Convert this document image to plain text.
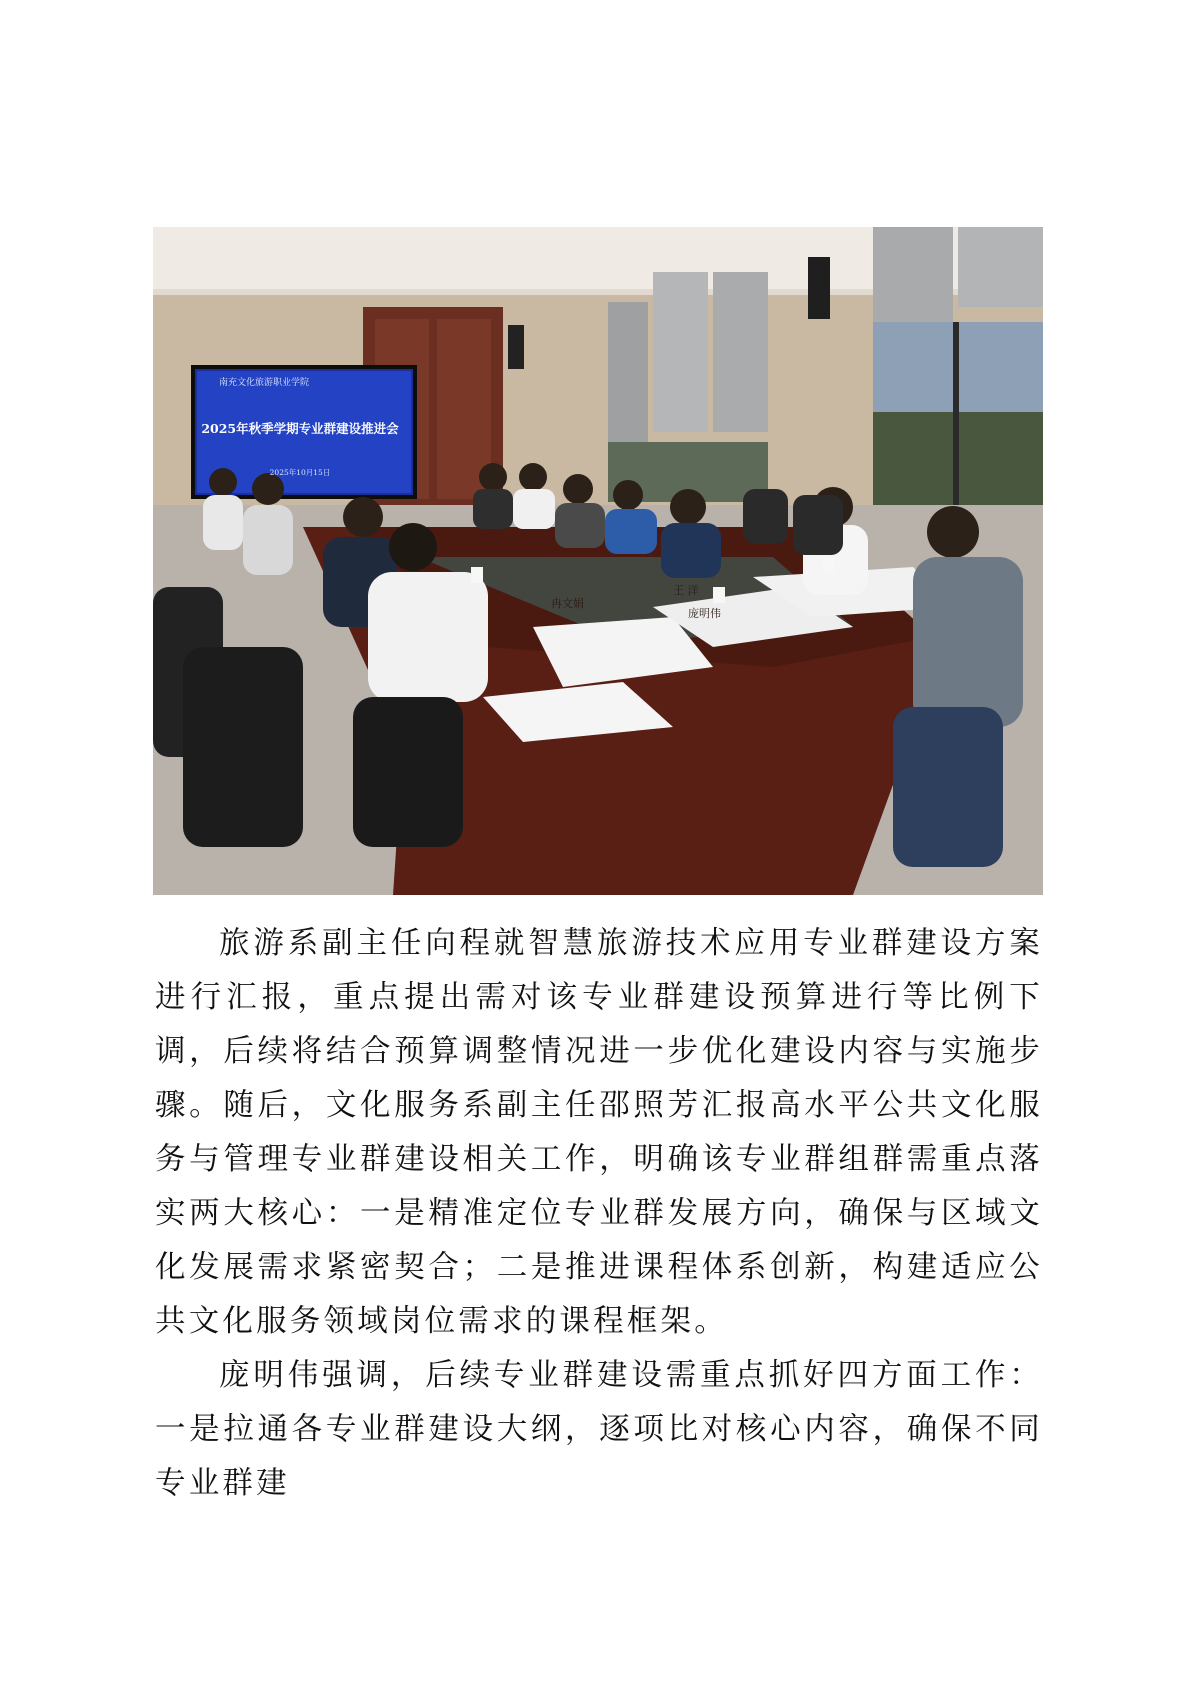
南充文化旅游职业学院
2025年秋季学期专业群建设推进会
2025年10月15日
王 洋
庞明伟
冉文娟

旅游系副主任向程就智慧旅游技术应用专业群建设方案进行汇报，重点提出需对该专业群建设预算进行等比例下调，后续将结合预算调整情况进一步优化建设内容与实施步骤。随后，文化服务系副主任邵照芳汇报高水平公共文化服务与管理专业群建设相关工作，明确该专业群组群需重点落实两大核心：一是精准定位专业群发展方向，确保与区域文化发展需求紧密契合；二是推进课程体系创新，构建适应公共文化服务领域岗位需求的课程框架。

庞明伟强调，后续专业群建设需重点抓好四方面工作：一是拉通各专业群建设大纲，逐项比对核心内容，确保不同专业群建
